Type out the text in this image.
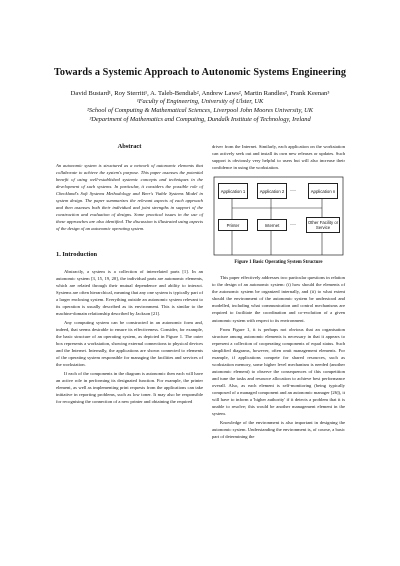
Towards a Systemic Approach to Autonomic Systems Engineering
David Bustard¹, Roy Sterritt¹, A. Taleb-Bendiab², Andrew Laws², Martin Randles², Frank Keenan³
¹Faculty of Engineering, University of Ulster, UK
²School of Computing & Mathematical Sciences, Liverpool John Moores University, UK
³Department of Mathematics and Computing, Dundalk Institute of Technology, Ireland
Abstract

An autonomic system is structured as a network of autonomic elements that collaborate to achieve the system's purpose. This paper assesses the potential benefit of using well-established systemic concepts and techniques in the development of such systems. In particular, it considers the possible role of Checkland's Soft Systems Methodology and Beer's Viable Systems Model in system design. The paper summarizes the relevant aspects of each approach and then assesses both their individual and joint strengths in support of the construction and evaluation of designs. Some practical issues in the use of these approaches are also identified. The discussion is illustrated using aspects of the design of an autonomic operating system.

1. Introduction

Abstractly, a system is a collection of interrelated parts [1]. In an autonomic system [3, 15, 19, 20], the individual parts are autonomic elements, which are related through their mutual dependence and ability to interact. Systems are often hierarchical, meaning that any one system is typically part of a larger enclosing system. Everything outside an autonomic system relevant to its operation is usually described as its environment. This is similar to the machine-domain relationship described by Jackson [21].

Any computing system can be constructed in an autonomic form and, indeed, that seems desirable to ensure its effectiveness. Consider, for example, the basic structure of an operating system, as depicted in Figure 1. The outer box represents a workstation, showing external connections to physical devices and the Internet. Internally, the applications are shown connected to elements of the operating system responsible for managing the facilities and services of the workstation.

If each of the components in the diagram is autonomic then each will have an active role in performing its designated function. For example, the printer element, as well as implementing print requests from the applications can take initiative in reporting problems, such as low toner. It may also be responsible for recognising the connection of a new printer and obtaining the required

driver from the Internet. Similarly, each application on the workstation can actively seek out and install its own new releases or updates. Such support is obviously very helpful to users but will also increase their confidence in using the workstation.

Application 1	Application 2 …	Application n
Printer	Internet	…	Other Facility or Service
Figure 1 Basic Operating System Structure

This paper effectively addresses two particular questions in relation to the design of an autonomic system: (i) how should the elements of the autonomic system be organized internally, and (ii) to what extent should the environment of the autonomic system be understood and modelled, including what communication and control mechanisms are required to facilitate the coordination and co-evolution of a given autonomic system with respect to its environment.

From Figure 1, it is perhaps not obvious that an organisation structure among autonomic elements is necessary in that it appears to represent a collection of cooperating components of equal status. Such simplified diagrams, however, often omit management elements. For example, if applications compete for shared resources, such as workstation memory, some higher level mechanism is needed (another autonomic element) to observe the consequences of this competition and tune the tasks and resource allocation to achieve best performance overall. Also, as each element is self-monitoring (being typically composed of a managed component and an autonomic manager [26]), it will have to inform a 'higher authority' if it detects a problem that it is unable to resolve; this would be another management element in the system.

Knowledge of the environment is also important in designing the autonomic system. Understanding the environment is, of course, a basic part of determining the
